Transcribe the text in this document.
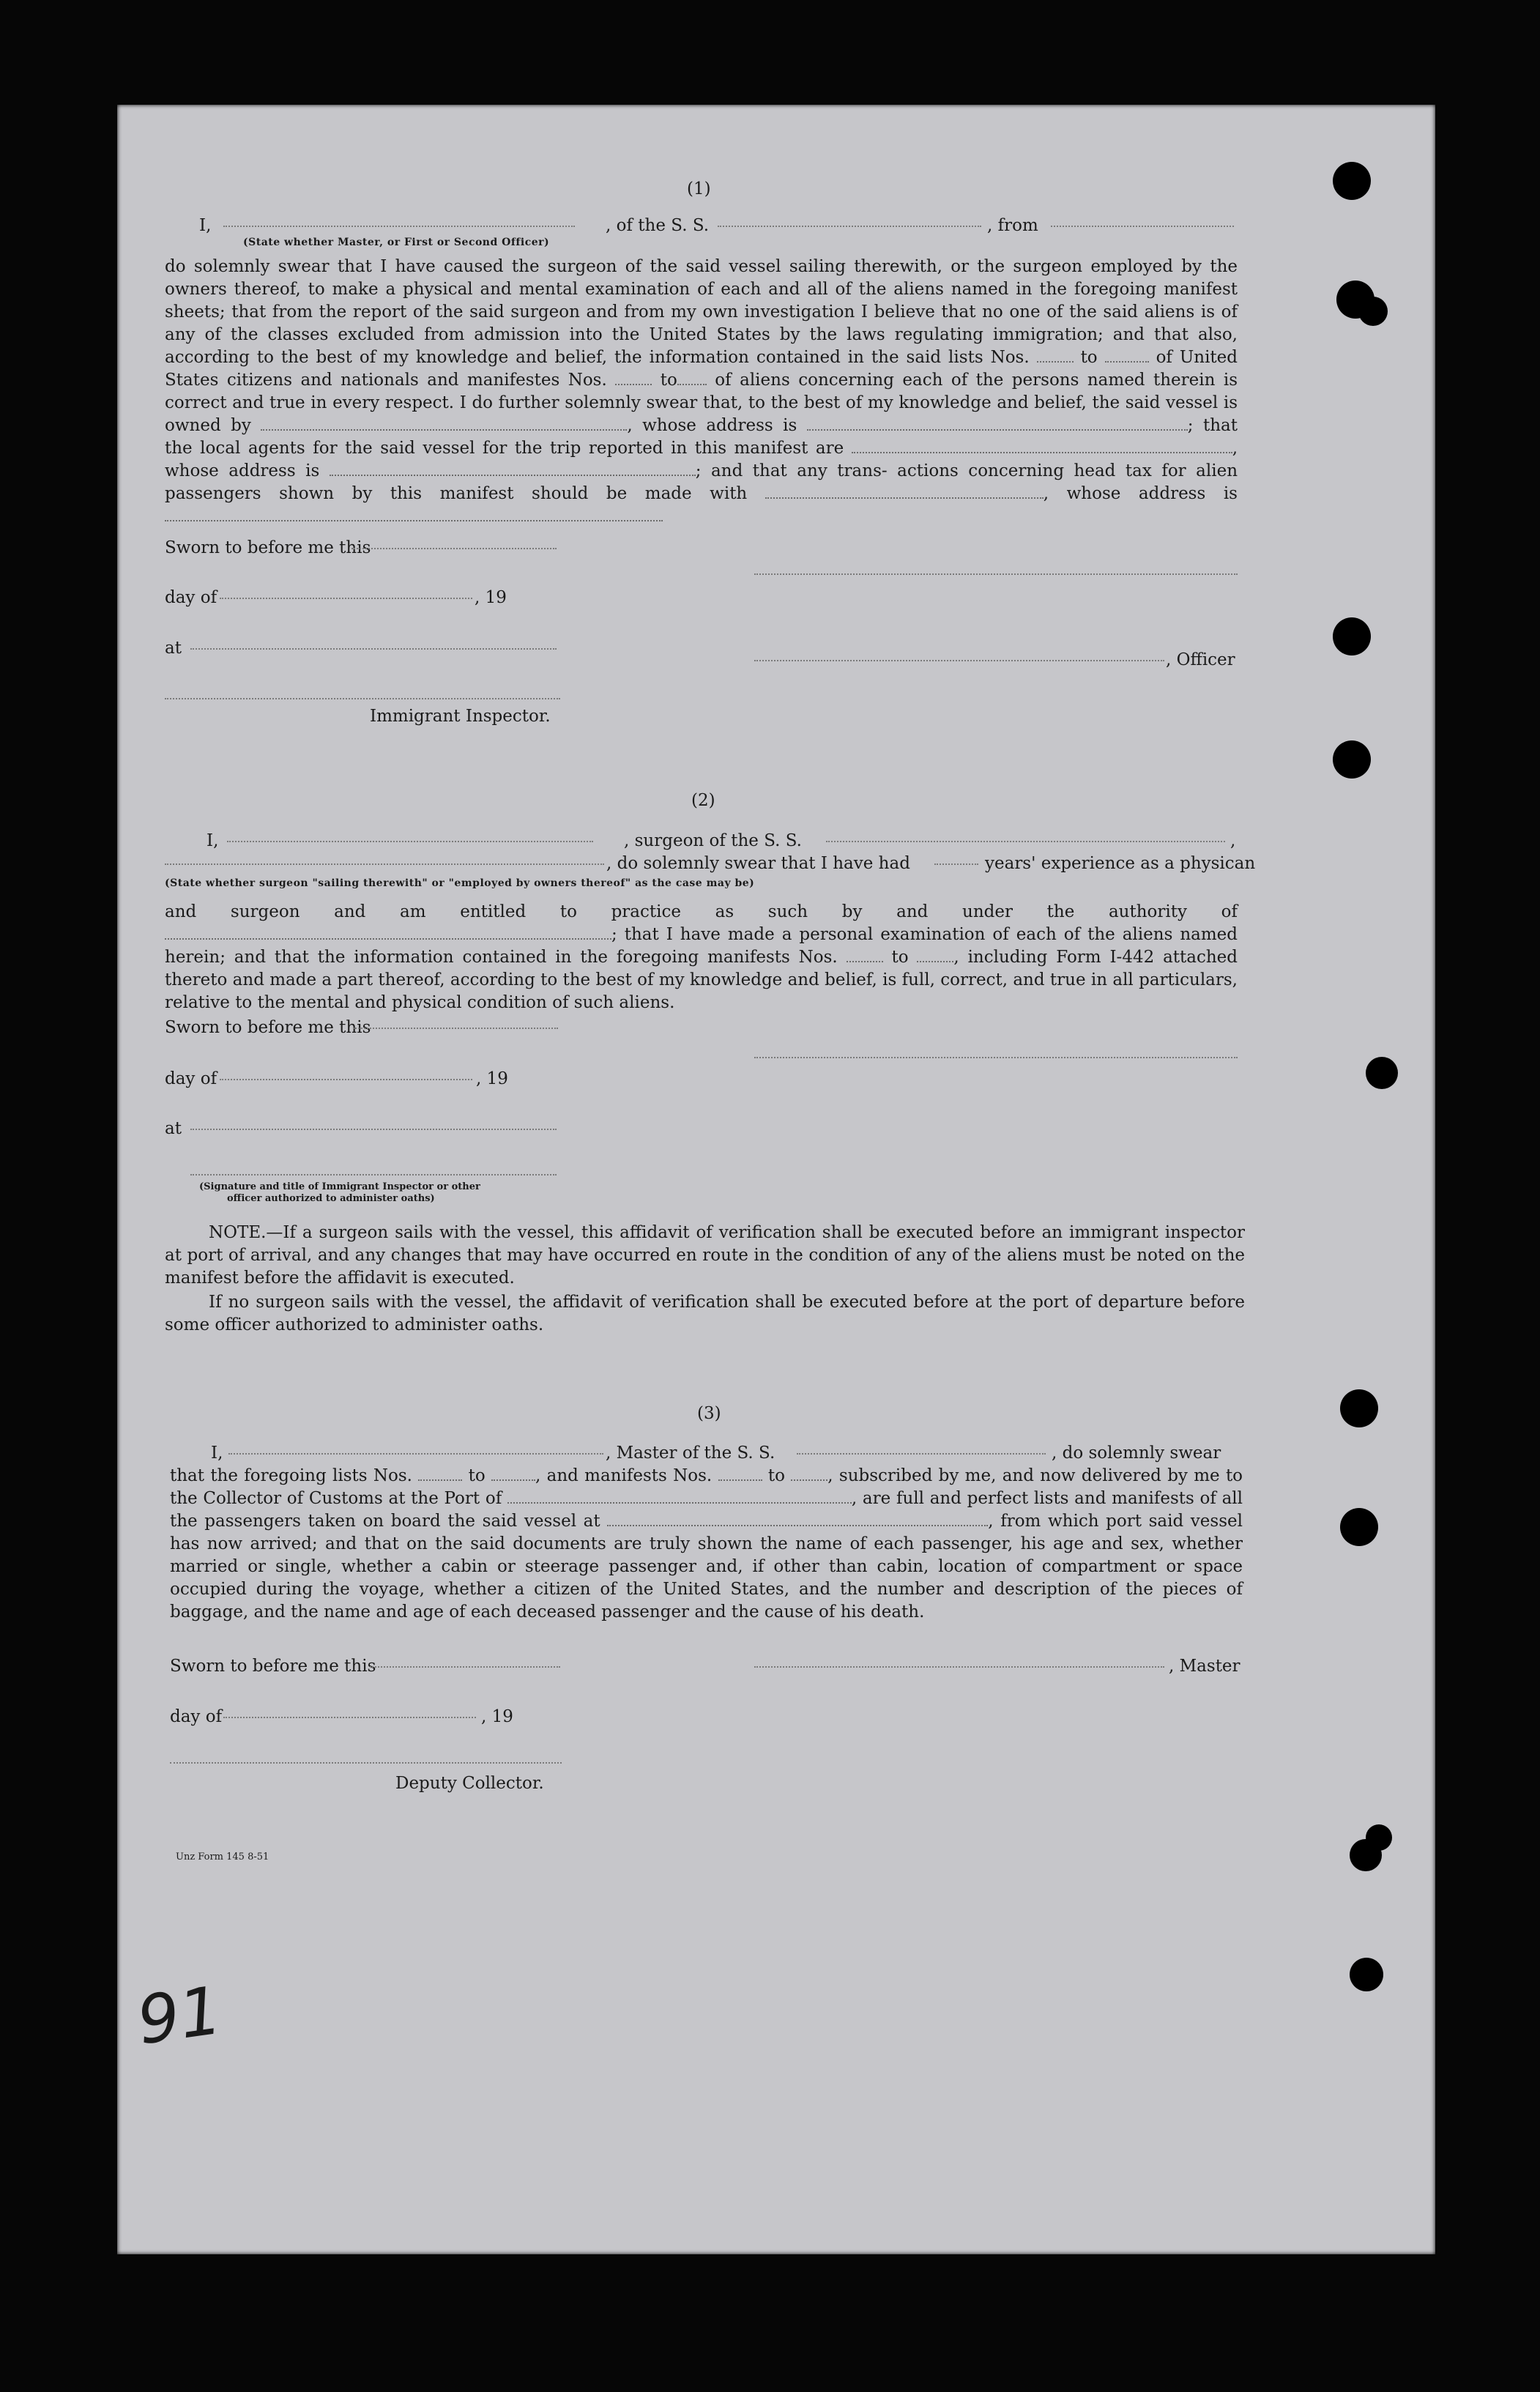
(1)
I,	, of the S. S.	, from
(State whether Master, or First or Second Officer)
do solemnly swear that I have caused the surgeon of the said vessel sailing therewith, or the surgeon employed by the owners thereof, to make a physical and mental examination of each and all of the aliens named in the foregoing manifest sheets; that from the report of the said surgeon and from my own investigation I believe that no one of the said aliens is of any of the classes excluded from admission into the United States by the laws regulating immigration; and that also, according to the best of my knowledge and belief, the information contained in the said lists Nos.	to	of United States citizens and nationals and manifestes Nos.	to of aliens concerning each of the persons named therein is correct and true in every respect. I do further solemnly swear that, to the best of my knowledge and belief, the said vessel is owned by	, whose address is	; that the local agents for the said vessel for the trip reported in this manifest are	, whose address is	; and that any trans- actions concerning head tax for alien passengers shown by this manifest should be made with	, whose address is
Sworn to before me this
day of	, 19
at
, Officer
Immigrant Inspector.
(2)
I,	, surgeon of the S. S.	,
, do solemnly swear that I have had	years' experience as a physican
(State whether surgeon "sailing therewith" or "employed by owners thereof" as the case may be)
and surgeon and am entitled to practice as such by and under the authority of ; that I have made a personal examination of each of the aliens named herein; and that the information contained in the foregoing manifests Nos.	to	, including Form I-442 attached thereto and made a part thereof, according to the best of my knowledge and belief, is full, correct, and true in all particulars, relative to the mental and physical condition of such aliens.
Sworn to before me this
day of	, 19
at
(Signature and title of Immigrant Inspector or other
officer authorized to administer oaths)
NOTE.—If a surgeon sails with the vessel, this affidavit of verification shall be executed before an immigrant inspector at port of arrival, and any changes that may have occurred en route in the condition of any of the aliens must be noted on the manifest before the affidavit is executed.
If no surgeon sails with the vessel, the affidavit of verification shall be executed before at the port of departure before some officer authorized to administer oaths.
(3)
I,	, Master of the S. S.	, do solemnly swear
that the foregoing lists Nos.	to	, and manifests Nos.	to	, subscribed by me, and now delivered by me to the Collector of Customs at the Port of	, are full and perfect lists and manifests of all the passengers taken on board the said vessel at	, from which port said vessel has now arrived; and that on the said documents are truly shown the name of each passenger, his age and sex, whether married or single, whether a cabin or steerage passenger and, if other than cabin, location of compartment or space occupied during the voyage, whether a citizen of the United States, and the number and description of the pieces of baggage, and the name and age of each deceased passenger and the cause of his death.
Sworn to before me this	, Master
day of	, 19
Deputy Collector.
Unz Form 145 8-51
91
